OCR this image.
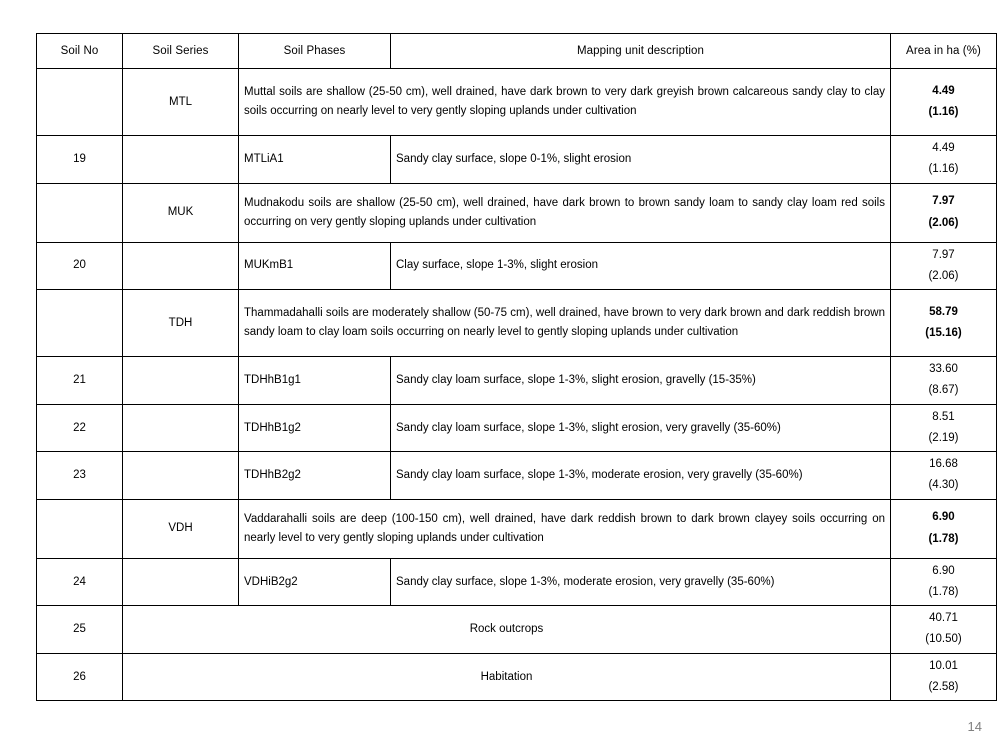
Soil No	Soil Series	Soil Phases	Mapping unit description	Area in ha (%)
	MTL	Muttal soils are shallow (25-50 cm), well drained, have dark brown to very dark greyish brown calcareous sandy clay to clay soils occurring on nearly level to very gently sloping uplands under cultivation		4.49
(1.16)

19		MTLiA1	Sandy clay surface, slope 0-1%, slight erosion	4.49
(1.16)

	MUK	Mudnakodu soils are shallow (25-50 cm), well drained, have dark brown to brown sandy loam to sandy clay loam red soils occurring on very gently sloping uplands under cultivation		7.97
(2.06)

20		MUKmB1	Clay surface, slope 1-3%, slight erosion	7.97
(2.06)

	TDH	Thammadahalli soils are moderately shallow (50-75 cm), well drained, have brown to very dark brown and dark reddish brown sandy loam to clay loam soils occurring on nearly level to gently sloping uplands under cultivation		58.79
(15.16)

21		TDHhB1g1	Sandy clay loam surface, slope 1-3%, slight erosion, gravelly (15-35%)	33.60
(8.67)

22		TDHhB1g2	Sandy clay loam surface, slope 1-3%, slight erosion, very gravelly (35-60%)	8.51
(2.19)

23		TDHhB2g2	Sandy clay loam surface, slope 1-3%, moderate erosion, very gravelly (35-60%)	16.68
(4.30)

	VDH	Vaddarahalli soils are deep (100-150 cm), well drained, have dark reddish brown to dark brown clayey soils occurring on nearly level to very gently sloping uplands under cultivation		6.90
(1.78)

24		VDHiB2g2	Sandy clay surface, slope 1-3%, moderate erosion, very gravelly (35-60%)	6.90
(1.78)

25	Rock outcrops			40.71
(10.50)

26	Habitation			10.01
(2.58)
14
